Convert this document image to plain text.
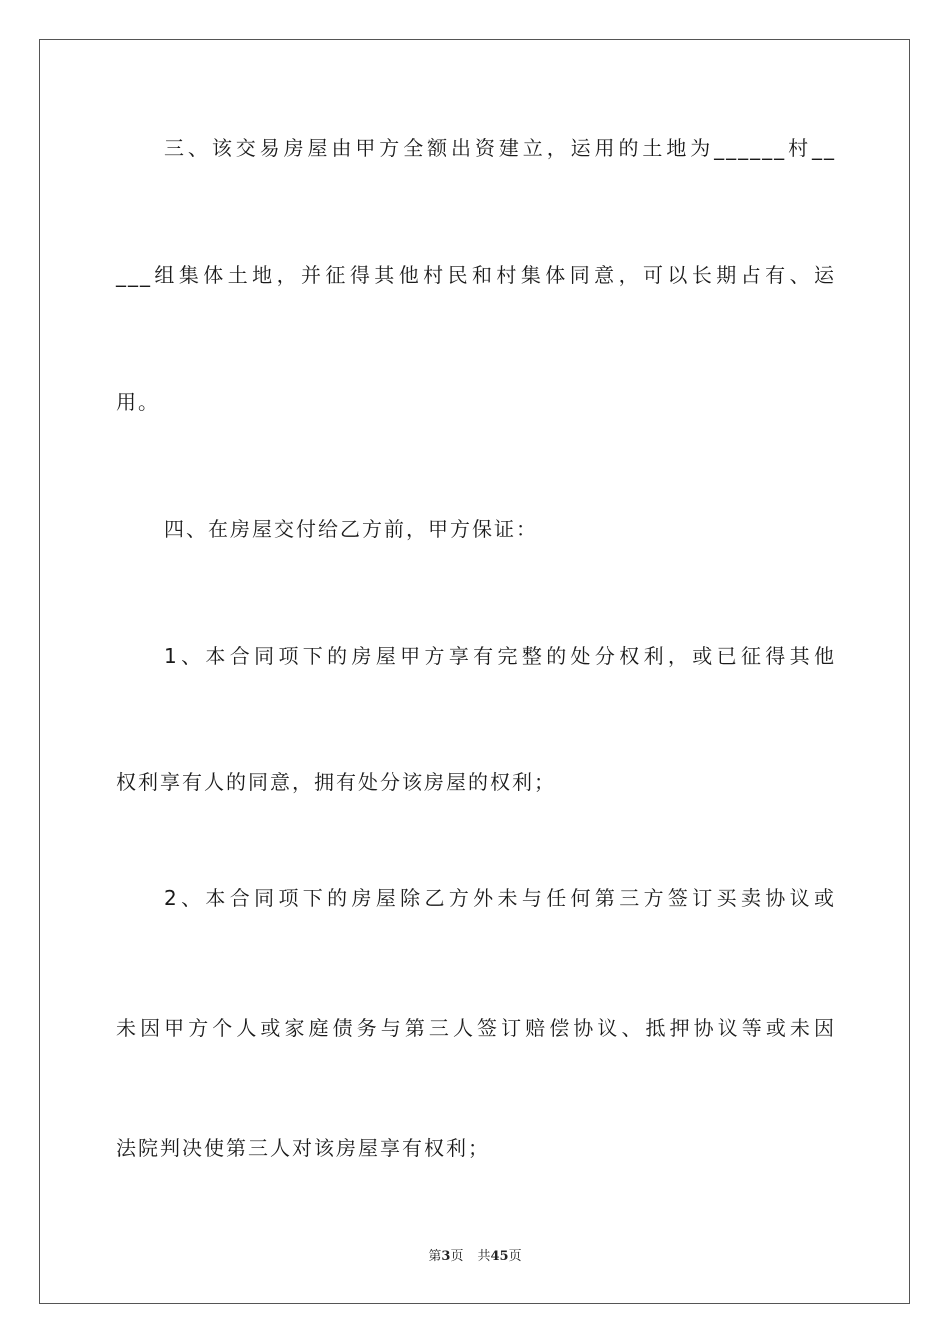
三、该交易房屋由甲方全额出资建立，运用的土地为______村__
___组集体土地，并征得其他村民和村集体同意，可以长期占有、运
用。
四、在房屋交付给乙方前，甲方保证：
1、本合同项下的房屋甲方享有完整的处分权利，或已征得其他
权利享有人的同意，拥有处分该房屋的权利；
2、本合同项下的房屋除乙方外未与任何第三方签订买卖协议或
未因甲方个人或家庭债务与第三人签订赔偿协议、抵押协议等或未因
法院判决使第三人对该房屋享有权利；
第3页 共45页
